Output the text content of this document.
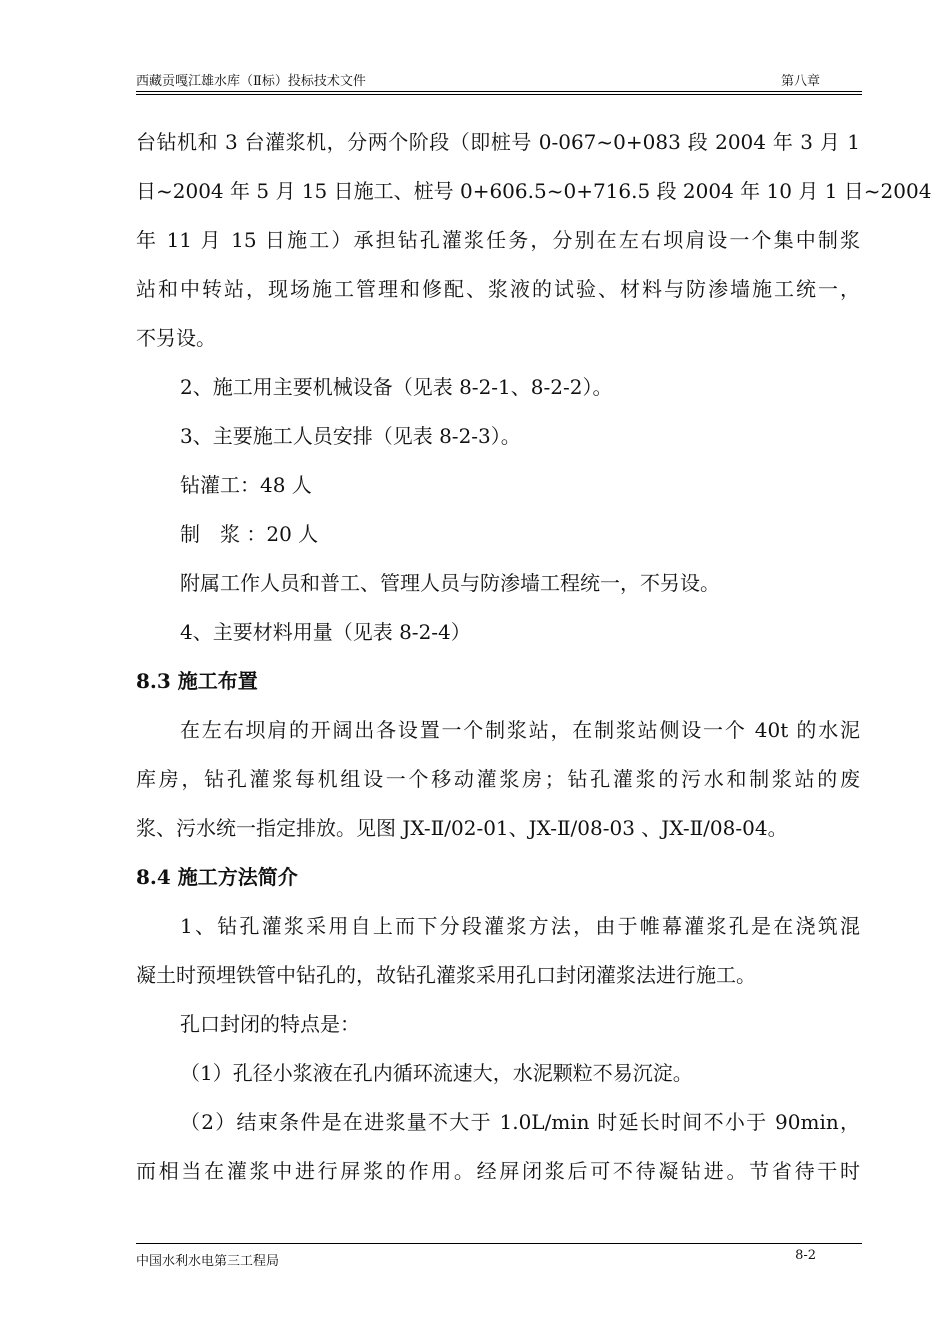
西藏贡嘎江雄水库（Ⅱ标）投标技术文件	第八章
台钻机和 3 台灌浆机，分两个阶段（即桩号 0-067~0+083 段 2004 年 3 月 1
日~2004 年 5 月 15 日施工、桩号 0+606.5~0+716.5 段 2004 年 10 月 1 日~2004
年 11 月 15 日施工）承担钻孔灌浆任务，分别在左右坝肩设一个集中制浆
站和中转站，现场施工管理和修配、浆液的试验、材料与防渗墙施工统一，
不另设。
2、施工用主要机械设备（见表 8-2-1、8-2-2）。
3、主要施工人员安排（见表 8-2-3）。
钻灌工：48 人
制　浆 ：20 人
附属工作人员和普工、管理人员与防渗墙工程统一，不另设。
4、主要材料用量（见表 8-2-4）
8.3 施工布置
在左右坝肩的开阔出各设置一个制浆站，在制浆站侧设一个 40t 的水泥
库房，钻孔灌浆每机组设一个移动灌浆房；钻孔灌浆的污水和制浆站的废
浆、污水统一指定排放。见图 JX-Ⅱ/02-01、JX-Ⅱ/08-03 、JX-Ⅱ/08-04。
8.4 施工方法简介
1、钻孔灌浆采用自上而下分段灌浆方法，由于帷幕灌浆孔是在浇筑混
凝土时预埋铁管中钻孔的，故钻孔灌浆采用孔口封闭灌浆法进行施工。
孔口封闭的特点是：
（1）孔径小浆液在孔内循环流速大，水泥颗粒不易沉淀。
（2）结束条件是在进浆量不大于 1.0L/min 时延长时间不小于 90min，
而相当在灌浆中进行屏浆的作用。经屏闭浆后可不待凝钻进。节省待干时
中国水利水电第三工程局	8-2
